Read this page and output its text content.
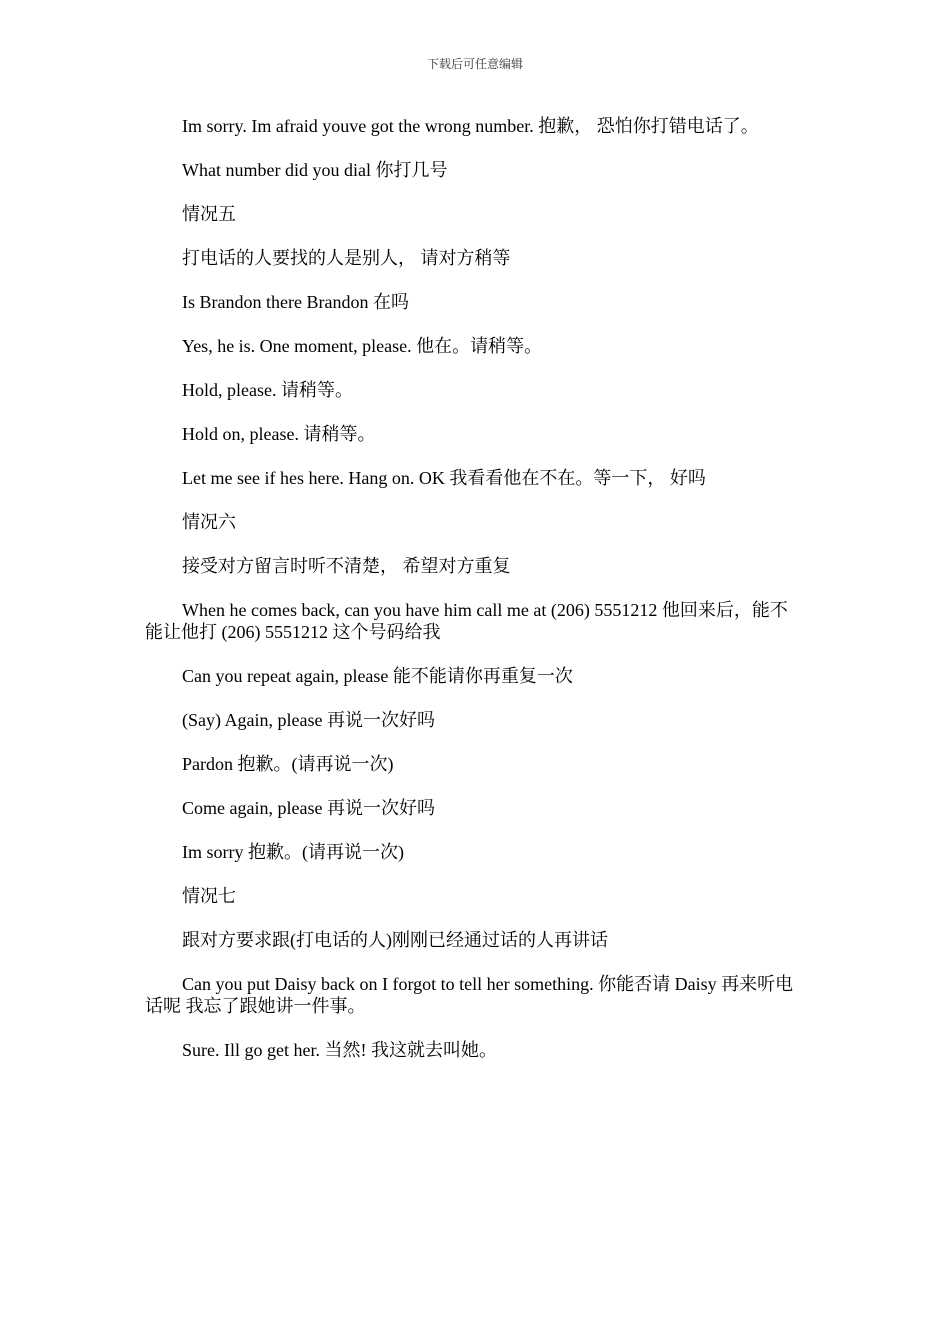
下载后可任意编辑

Im sorry. Im afraid youve got the wrong number. 抱歉， 恐怕你打错电话了。

What number did you dial 你打几号

情况五

打电话的人要找的人是别人， 请对方稍等

Is Brandon there Brandon 在吗

Yes, he is. One moment, please. 他在。请稍等。

Hold, please. 请稍等。

Hold on, please. 请稍等。

Let me see if hes here. Hang on. OK 我看看他在不在。等一下， 好吗

情况六

接受对方留言时听不清楚， 希望对方重复

When he comes back, can you have him call me at (206) 5551212 他回来后，能不能让他打 (206) 5551212 这个号码给我

Can you repeat again, please 能不能请你再重复一次

(Say) Again, please 再说一次好吗

Pardon 抱歉。(请再说一次)

Come again, please 再说一次好吗

Im sorry 抱歉。(请再说一次)

情况七

跟对方要求跟(打电话的人)刚刚已经通过话的人再讲话

Can you put Daisy back on I forgot to tell her something. 你能否请 Daisy 再来听电话呢 我忘了跟她讲一件事。

Sure. Ill go get her. 当然! 我这就去叫她。
